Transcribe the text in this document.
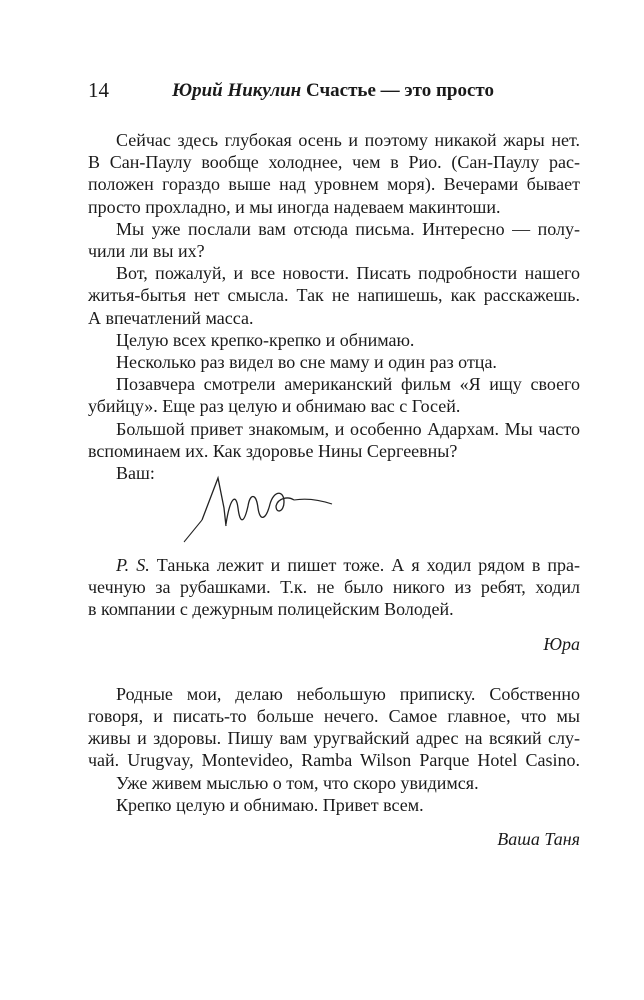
14	Юрий Никулин Счастье — это просто
Сейчас здесь глубокая осень и поэтому никакой жары нет.
В Сан-Паулу вообще холоднее, чем в Рио. (Сан-Паулу рас-
положен гораздо выше над уровнем моря). Вечерами бывает
просто прохладно, и мы иногда надеваем макинтоши.
Мы уже послали вам отсюда письма. Интересно — полу-
чили ли вы их?
Вот, пожалуй, и все новости. Писать подробности нашего
житья-бытья нет смысла. Так не напишешь, как расскажешь.
А впечатлений масса.
Целую всех крепко-крепко и обнимаю.
Несколько раз видел во сне маму и один раз отца.
Позавчера смотрели американский фильм «Я ищу своего
убийцу». Еще раз целую и обнимаю вас с Госей.
Большой привет знакомым, и особенно Адархам. Мы часто
вспоминаем их. Как здоровье Нины Сергеевны?
Ваш:
P. S. Танька лежит и пишет тоже. А я ходил рядом в пра-
чечную за рубашками. Т.к. не было никого из ребят, ходил
в компании с дежурным полицейским Володей.
Юра
Родные мои, делаю небольшую приписку. Собственно
говоря, и писать-то больше нечего. Самое главное, что мы
живы и здоровы. Пишу вам уругвайский адрес на всякий слу-
чай. Urugvay, Montevideo, Ramba Wilson Parque Hotel Casino.
Уже живем мыслью о том, что скоро увидимся.
Крепко целую и обнимаю. Привет всем.
Ваша Таня
